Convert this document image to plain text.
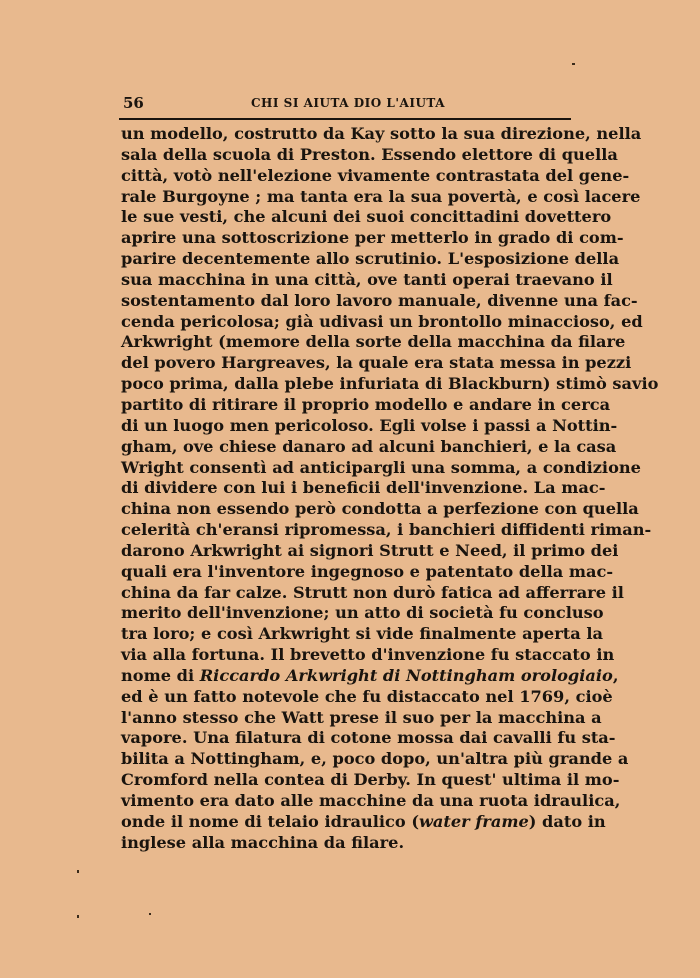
56	CHI SI AIUTA DIO L'AIUTA
un modello, costrutto da Kay sotto la sua direzione, nella
sala della scuola di Preston. Essendo elettore di quella
città, votò nell'elezione vivamente contrastata del gene-
rale Burgoyne ; ma tanta era la sua povertà, e così lacere
le sue vesti, che alcuni dei suoi concittadini dovettero
aprire una sottoscrizione per metterlo in grado di com-
parire decentemente allo scrutinio. L'esposizione della
sua macchina in una città, ove tanti operai traevano il
sostentamento dal loro lavoro manuale, divenne una fac-
cenda pericolosa; già udivasi un brontollo minaccioso, ed
Arkwright (memore della sorte della macchina da filare
del povero Hargreaves, la quale era stata messa in pezzi
poco prima, dalla plebe infuriata di Blackburn) stimò savio
partito di ritirare il proprio modello e andare in cerca
di un luogo men pericoloso. Egli volse i passi a Nottin-
gham, ove chiese danaro ad alcuni banchieri, e la casa
Wright consentì ad anticipargli una somma, a condizione
di dividere con lui i beneficii dell'invenzione. La mac-
china non essendo però condotta a perfezione con quella
celerità ch'eransi ripromessa, i banchieri diffidenti riman-
darono Arkwright ai signori Strutt e Need, il primo dei
quali era l'inventore ingegnoso e patentato della mac-
china da far calze. Strutt non durò fatica ad afferrare il
merito dell'invenzione; un atto di società fu concluso
tra loro; e così Arkwright si vide finalmente aperta la
via alla fortuna. Il brevetto d'invenzione fu staccato in
nome di Riccardo Arkwright di Nottingham orologiaio,
ed è un fatto notevole che fu distaccato nel 1769, cioè
l'anno stesso che Watt prese il suo per la macchina a
vapore. Una filatura di cotone mossa dai cavalli fu sta-
bilita a Nottingham, e, poco dopo, un'altra più grande a
Cromford nella contea di Derby. In quest' ultima il mo-
vimento era dato alle macchine da una ruota idraulica,
onde il nome di telaio idraulico (water frame) dato in
inglese alla macchina da filare.
